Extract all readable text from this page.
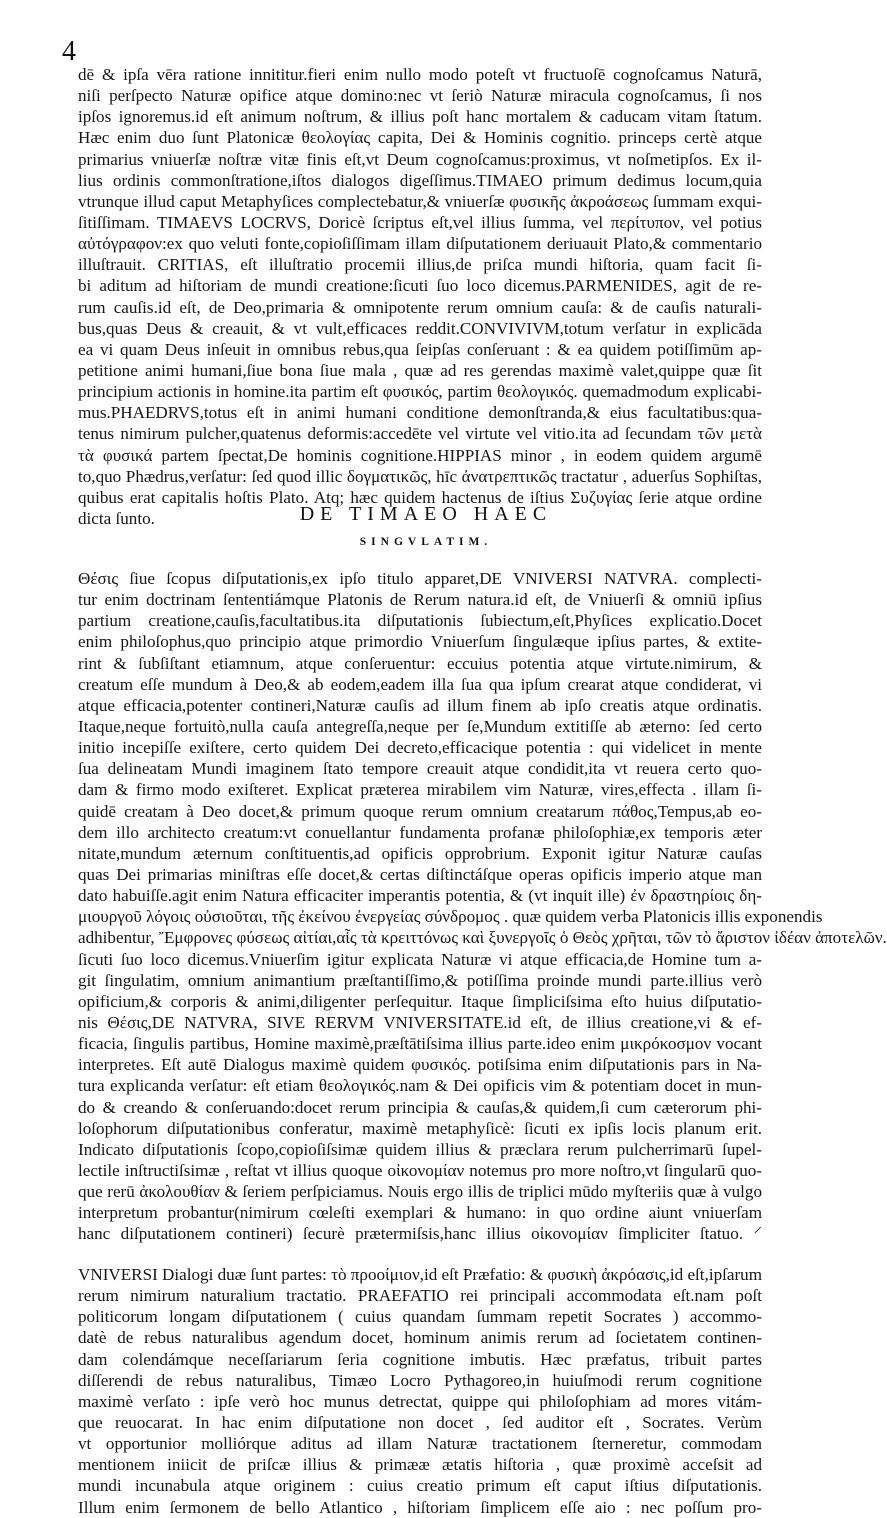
4
dē & ipſa vēra ratione innititur.fieri enim nullo modo poteſt vt fructuoſē cognoſcamus Naturā,
niſi perſpecto Naturæ opifice atque domino:nec vt ſeriò Naturæ miracula cognoſcamus, ſi nos
ipſos ignoremus.id eſt animum noſtrum, & illius poſt hanc mortalem & caducam vitam ſtatum.
Hæc enim duo ſunt Platonicæ θεολογίας capita, Dei & Hominis cognitio. princeps certè atque
primarius vniuerſæ noſtræ vitæ finis eſt,vt Deum cognoſcamus:proximus, vt noſmetipſos. Ex il-
lius ordinis commonſtratione,iſtos dialogos digeſſimus.TIMAEO primum dedimus locum,quia
vtrunque illud caput Metaphyſices complectebatur,& vniuerſæ φυσικῆς ἀκροάσεως ſummam exqui-
ſitiſſimam. TIMAEVS LOCRVS, Doricè ſcriptus eſt,vel illius ſumma, vel περίτυπον, vel potius
αὐτόγραφον:ex quo veluti fonte,copioſiſſimam illam diſputationem deriuauit Plato,& commentario
illuſtrauit. CRITIAS, eſt illuſtratio procemii illius,de priſca mundi hiſtoria, quam facit ſi-
bi aditum ad hiſtoriam de mundi creatione:ſicuti ſuo loco dicemus.PARMENIDES, agit de re-
rum cauſis.id eſt, de Deo,primaria & omnipotente rerum omnium cauſa: & de cauſis naturali-
bus,quas Deus & creauit, & vt vult,efficaces reddit.CONVIVIVM,totum verſatur in explicāda
ea vi quam Deus inſeuit in omnibus rebus,qua ſeipſas conſeruant : & ea quidem potiſſimūm ap-
petitione animi humani,ſiue bona ſiue mala , quæ ad res gerendas maximè valet,quippe quæ ſit
principium actionis in homine.ita partim eſt φυσικός, partim θεολογικός. quemadmodum explicabi-
mus.PHAEDRVS,totus eſt in animi humani conditione demonſtranda,& eius facultatibus:qua-
tenus nimirum pulcher,quatenus deformis:accedēte vel virtute vel vitio.ita ad ſecundam τῶν μετὰ
τὰ φυσικά partem ſpectat,De hominis cognitione.HIPPIAS minor , in eodem quidem argumē
to,quo Phædrus,verſatur: ſed quod illic δογματικῶς, hīc ἀνατρεπτικῶς tractatur , aduerſus Sophiſtas,
quibus erat capitalis hoſtis Plato. Atq; hæc quidem hactenus de iſtius Συζυγίας ſerie atque ordine
dicta ſunto.	DE TIMAEO HAEC
SINGVLATIM.
Θέσις ſiue ſcopus diſputationis,ex ipſo titulo apparet,DE VNIVERSI NATVRA. complecti-
tur enim doctrinam ſententiámque Platonis de Rerum natura.id eſt, de Vniuerſi & omniū ipſius
partium creatione,cauſis,facultatibus.ita diſputationis ſubiectum,eſt,Phyſices explicatio.Docet
enim philoſophus,quo principio atque primordio Vniuerſum ſingulæque ipſius partes, & extite-
rint & ſubſiſtant etiamnum, atque conſeruentur: eccuius potentia atque virtute.nimirum, &
creatum eſſe mundum à Deo,& ab eodem,eadem illa ſua qua ipſum crearat atque condiderat, vi
atque efficacia,potenter contineri,Naturæ cauſis ad illum finem ab ipſo creatis atque ordinatis.
Itaque,neque fortuitò,nulla cauſa antegreſſa,neque per ſe,Mundum extitiſſe ab æterno: ſed certo
initio incepiſſe exiſtere, certo quidem Dei decreto,efficacique potentia : qui videlicet in mente
ſua delineatam Mundi imaginem ſtato tempore creauit atque condidit,ita vt reuera certo quo-
dam & firmo modo exiſteret. Explicat præterea mirabilem vim Naturæ, vires,effecta . illam ſi-
quidē creatam à Deo docet,& primum quoque rerum omnium creatarum πάθος,Tempus,ab eo-
dem illo architecto creatum:vt conuellantur fundamenta profanæ philoſophiæ,ex temporis æter
nitate,mundum æternum conſtituentis,ad opificis opprobrium. Exponit igitur Naturæ cauſas
quas Dei primarias miniſtras eſſe docet,& certas diſtinctáſque operas opificis imperio atque man
dato habuiſſe.agit enim Natura efficaciter imperantis potentia, & (vt inquit ille) ἐν δραστηρίοις δη-
μιουργοῦ λόγοις οὐσιοῦται, τῆς ἐκείνου ἐνεργείας σύνδρομος . quæ quidem verba Platonicis illis exponendis
adhibentur, Ἔμφρονες φύσεως αἰτίαι,αἷς τὰ κρειττόνως καὶ ξυνεργοῖς ὁ Θεὸς χρῆται, τῶν τὸ ἄριστον ἰδέαν ἀποτελῶν.
ſicuti ſuo loco dicemus.Vniuerſim igitur explicata Naturæ vi atque efficacia,de Homine tum a-
git ſingulatim, omnium animantium præſtantiſſimo,& potiſſima proinde mundi parte.illius verò
opificium,& corporis & animi,diligenter perſequitur. Itaque ſimpliciſsima eſto huius diſputatio-
nis Θέσις,DE NATVRA, SIVE RERVM VNIVERSITATE.id eſt, de illius creatione,vi & ef-
ficacia, ſingulis partibus, Homine maximè,præſtātiſsima illius parte.ideo enim μικρόκοσμον vocant
interpretes. Eſt autē Dialogus maximè quidem φυσικός. potiſsima enim diſputationis pars in Na-
tura explicanda verſatur: eſt etiam θεολογικός.nam & Dei opificis vim & potentiam docet in mun-
do & creando & conſeruando:docet rerum principia & cauſas,& quidem,ſi cum cæterorum phi-
loſophorum diſputationibus conferatur, maximè metaphyſicè: ſicuti ex ipſis locis planum erit.
Indicato diſputationis ſcopo,copioſiſsimæ quidem illius & præclara rerum pulcherrimarū ſupel-
lectile inſtructiſsimæ , reſtat vt illius quoque οἰκονομίαν notemus pro more noſtro,vt ſingularū quo-
que rerū ἀκολουθίαν & ſeriem perſpiciamus. Nouis ergo illis de triplici mūdo myſteriis quæ à vulgo
interpretum probantur(nimirum cœleſti exemplari & humano: in quo ordine aiunt vniuerſam
hanc diſputationem contineri) ſecurè prætermiſsis,hanc illius οἰκονομίαν ſimpliciter ſtatuo. ⸍
VNIVERSI Dialogi duæ ſunt partes: τὸ προοίμιον,id eſt Præfatio: & φυσικὴ ἀκρόασις,id eſt,ipſarum
rerum nimirum naturalium tractatio. PRAEFATIO rei principali accommodata eſt.nam poſt
politicorum longam diſputationem ( cuius quandam ſummam repetit Socrates ) accommo-
datè de rebus naturalibus agendum docet, hominum animis rerum ad ſocietatem continen-
dam colendámque neceſſariarum ſeria cognitione imbutis. Hæc præfatus, tribuit partes
diſſerendi de rebus naturalibus, Timæo Locro Pythagoreo,in huiuſmodi rerum cognitione
maximè verſato : ipſe verò hoc munus detrectat, quippe qui philoſophiam ad mores vitám-
que reuocarat. In hac enim diſputatione non docet , ſed auditor eſt , Socrates. Verùm
vt opportunior molliórque aditus ad illam Naturæ tractationem ſterneretur, commodam
mentionem iniicit de priſcæ illius & primææ ætatis hiſtoria , quæ proximè acceſsit ad
mundi incunabula atque originem : cuius creatio primum eſt caput iſtius diſputationis.
Illum enim ſermonem de bello Atlantico , hiſtoriam ſimplicem eſſe aio : nec poſſum pro-
